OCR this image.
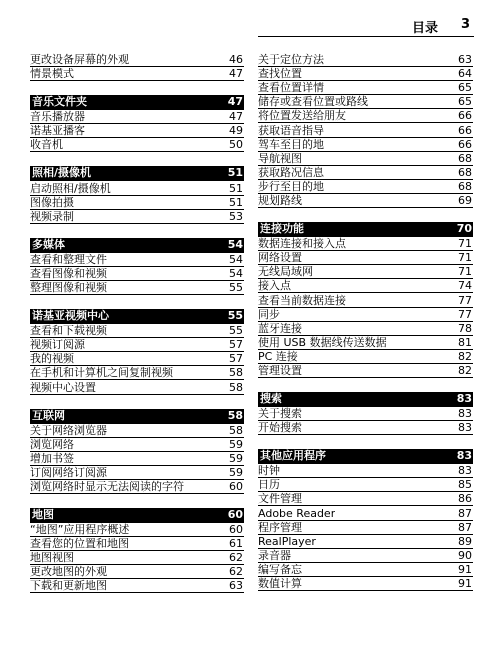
目录 3
更改设备屏幕的外观	46
情景模式	47
音乐文件夹	47
音乐播放器	47
诺基亚播客	49
收音机	50
照相/摄像机	51
启动照相/摄像机	51
图像拍摄	51
视频录制	53
多媒体	54
查看和整理文件	54
查看图像和视频	54
整理图像和视频	55
诺基亚视频中心	55
查看和下载视频	55
视频订阅源	57
我的视频	57
在手机和计算机之间复制视频	58
视频中心设置	58
互联网	58
关于网络浏览器	58
浏览网络	59
增加书签	59
订阅网络订阅源	59
浏览网络时显示无法阅读的字符	60
地图	60
“地图”应用程序概述	60
查看您的位置和地图	61
地图视图	62
更改地图的外观	62
下载和更新地图	63
关于定位方法	63
查找位置	64
查看位置详情	65
储存或查看位置或路线	65
将位置发送给朋友	66
获取语音指导	66
驾车至目的地	66
导航视图	68
获取路况信息	68
步行至目的地	68
规划路线	69
连接功能	70
数据连接和接入点	71
网络设置	71
无线局域网	71
接入点	74
查看当前数据连接	77
同步	77
蓝牙连接	78
使用 USB 数据线传送数据	81
PC 连接	82
管理设置	82
搜索	83
关于搜索	83
开始搜索	83
其他应用程序	83
时钟	83
日历	85
文件管理	86
Adobe Reader	87
程序管理	87
RealPlayer	89
录音器	90
编写备忘	91
数值计算	91
